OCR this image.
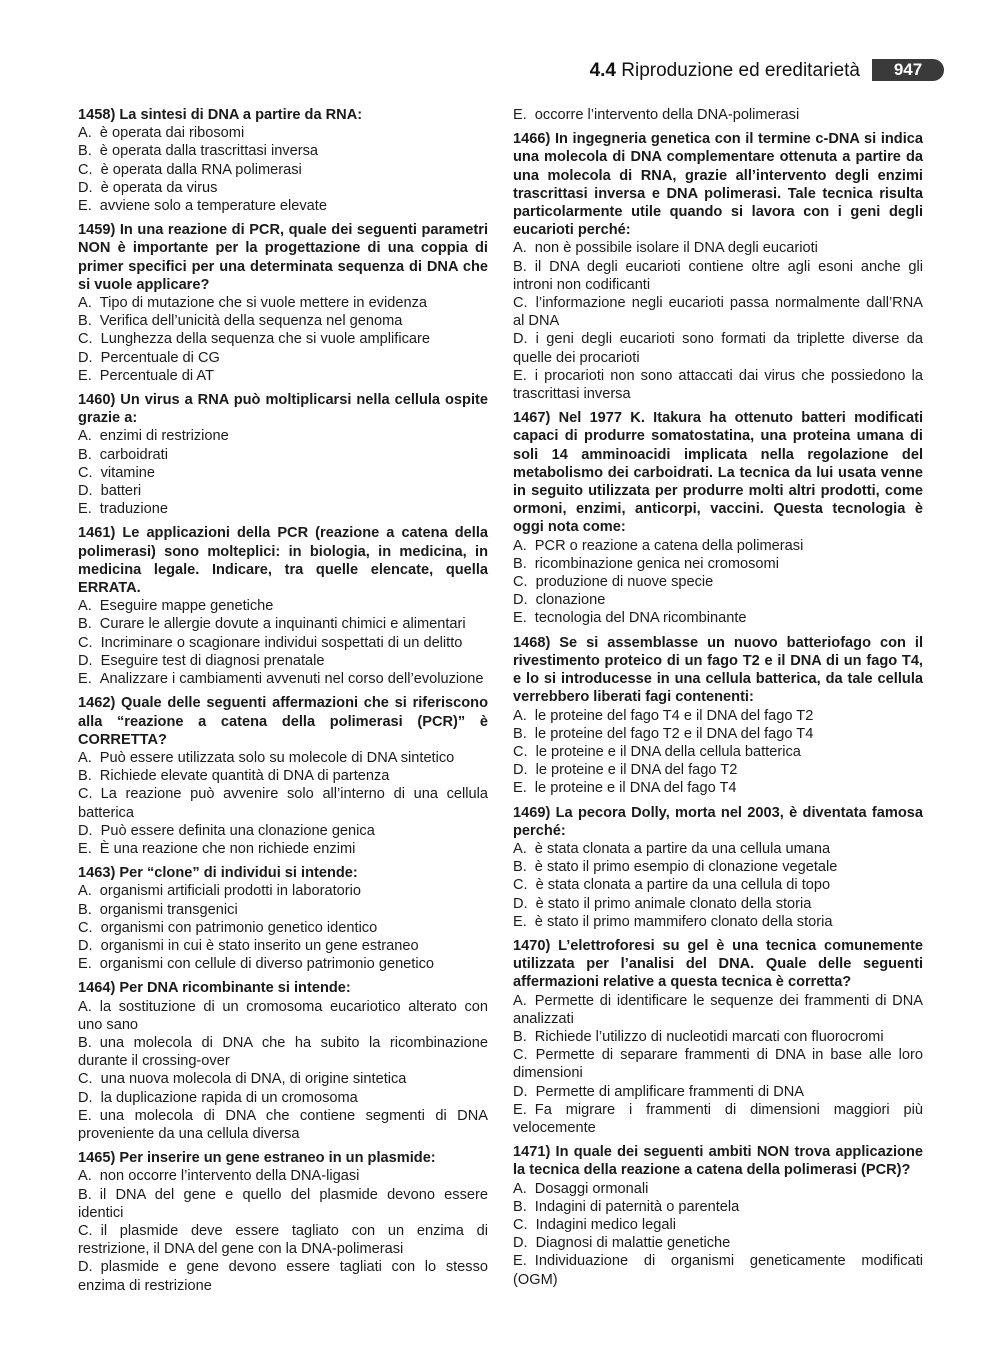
4.4 Riproduzione ed ereditarietà	947
1458) La sintesi di DNA a partire da RNA:
A. è operata dai ribosomi
B. è operata dalla trascrittasi inversa
C. è operata dalla RNA polimerasi
D. è operata da virus
E. avviene solo a temperature elevate
1459) In una reazione di PCR, quale dei seguenti parametri NON è importante per la progettazione di una coppia di primer specifici per una determinata sequenza di DNA che si vuole applicare?
A. Tipo di mutazione che si vuole mettere in evidenza
B. Verifica dell’unicità della sequenza nel genoma
C. Lunghezza della sequenza che si vuole amplificare
D. Percentuale di CG
E. Percentuale di AT
1460) Un virus a RNA può moltiplicarsi nella cellula ospite grazie a:
A. enzimi di restrizione
B. carboidrati
C. vitamine
D. batteri
E. traduzione
1461) Le applicazioni della PCR (reazione a catena della polimerasi) sono molteplici: in biologia, in medicina, in medicina legale. Indicare, tra quelle elencate, quella ERRATA.
A. Eseguire mappe genetiche
B. Curare le allergie dovute a inquinanti chimici e alimentari
C. Incriminare o scagionare individui sospettati di un delitto
D. Eseguire test di diagnosi prenatale
E. Analizzare i cambiamenti avvenuti nel corso dell’evoluzione
1462) Quale delle seguenti affermazioni che si riferiscono alla “reazione a catena della polimerasi (PCR)” è CORRETTA?
A. Può essere utilizzata solo su molecole di DNA sintetico
B. Richiede elevate quantità di DNA di partenza
C. La reazione può avvenire solo all’interno di una cellula batterica
D. Può essere definita una clonazione genica
E. È una reazione che non richiede enzimi
1463) Per “clone” di individui si intende:
A. organismi artificiali prodotti in laboratorio
B. organismi transgenici
C. organismi con patrimonio genetico identico
D. organismi in cui è stato inserito un gene estraneo
E. organismi con cellule di diverso patrimonio genetico
1464) Per DNA ricombinante si intende:
A. la sostituzione di un cromosoma eucariotico alterato con uno sano
B. una molecola di DNA che ha subito la ricombinazione durante il crossing-over
C. una nuova molecola di DNA, di origine sintetica
D. la duplicazione rapida di un cromosoma
E. una molecola di DNA che contiene segmenti di DNA proveniente da una cellula diversa
1465) Per inserire un gene estraneo in un plasmide:
A. non occorre l’intervento della DNA-ligasi
B. il DNA del gene e quello del plasmide devono essere identici
C. il plasmide deve essere tagliato con un enzima di restrizione, il DNA del gene con la DNA-polimerasi
D. plasmide e gene devono essere tagliati con lo stesso enzima di restrizione
E. occorre l’intervento della DNA-polimerasi
1466) In ingegneria genetica con il termine c-DNA si indica una molecola di DNA complementare ottenuta a partire da una molecola di RNA, grazie all’intervento degli enzimi trascrittasi inversa e DNA polimerasi. Tale tecnica risulta particolarmente utile quando si lavora con i geni degli eucarioti perché:
A. non è possibile isolare il DNA degli eucarioti
B. il DNA degli eucarioti contiene oltre agli esoni anche gli introni non codificanti
C. l’informazione negli eucarioti passa normalmente dall’RNA al DNA
D. i geni degli eucarioti sono formati da triplette diverse da quelle dei procarioti
E. i procarioti non sono attaccati dai virus che possiedono la trascrittasi inversa
1467) Nel 1977 K. Itakura ha ottenuto batteri modificati capaci di produrre somatostatina, una proteina umana di soli 14 amminoacidi implicata nella regolazione del metabolismo dei carboidrati. La tecnica da lui usata venne in seguito utilizzata per produrre molti altri prodotti, come ormoni, enzimi, anticorpi, vaccini. Questa tecnologia è oggi nota come:
A. PCR o reazione a catena della polimerasi
B. ricombinazione genica nei cromosomi
C. produzione di nuove specie
D. clonazione
E. tecnologia del DNA ricombinante
1468) Se si assemblasse un nuovo batteriofago con il rivestimento proteico di un fago T2 e il DNA di un fago T4, e lo si introducesse in una cellula batterica, da tale cellula verrebbero liberati fagi contenenti:
A. le proteine del fago T4 e il DNA del fago T2
B. le proteine del fago T2 e il DNA del fago T4
C. le proteine e il DNA della cellula batterica
D. le proteine e il DNA del fago T2
E. le proteine e il DNA del fago T4
1469) La pecora Dolly, morta nel 2003, è diventata famosa perché:
A. è stata clonata a partire da una cellula umana
B. è stato il primo esempio di clonazione vegetale
C. è stata clonata a partire da una cellula di topo
D. è stato il primo animale clonato della storia
E. è stato il primo mammifero clonato della storia
1470) L’elettroforesi su gel è una tecnica comunemente utilizzata per l’analisi del DNA. Quale delle seguenti affermazioni relative a questa tecnica è corretta?
A. Permette di identificare le sequenze dei frammenti di DNA analizzati
B. Richiede l’utilizzo di nucleotidi marcati con fluorocromi
C. Permette di separare frammenti di DNA in base alle loro dimensioni
D. Permette di amplificare frammenti di DNA
E. Fa migrare i frammenti di dimensioni maggiori più velocemente
1471) In quale dei seguenti ambiti NON trova applicazione la tecnica della reazione a catena della polimerasi (PCR)?
A. Dosaggi ormonali
B. Indagini di paternità o parentela
C. Indagini medico legali
D. Diagnosi di malattie genetiche
E. Individuazione di organismi geneticamente modificati (OGM)
